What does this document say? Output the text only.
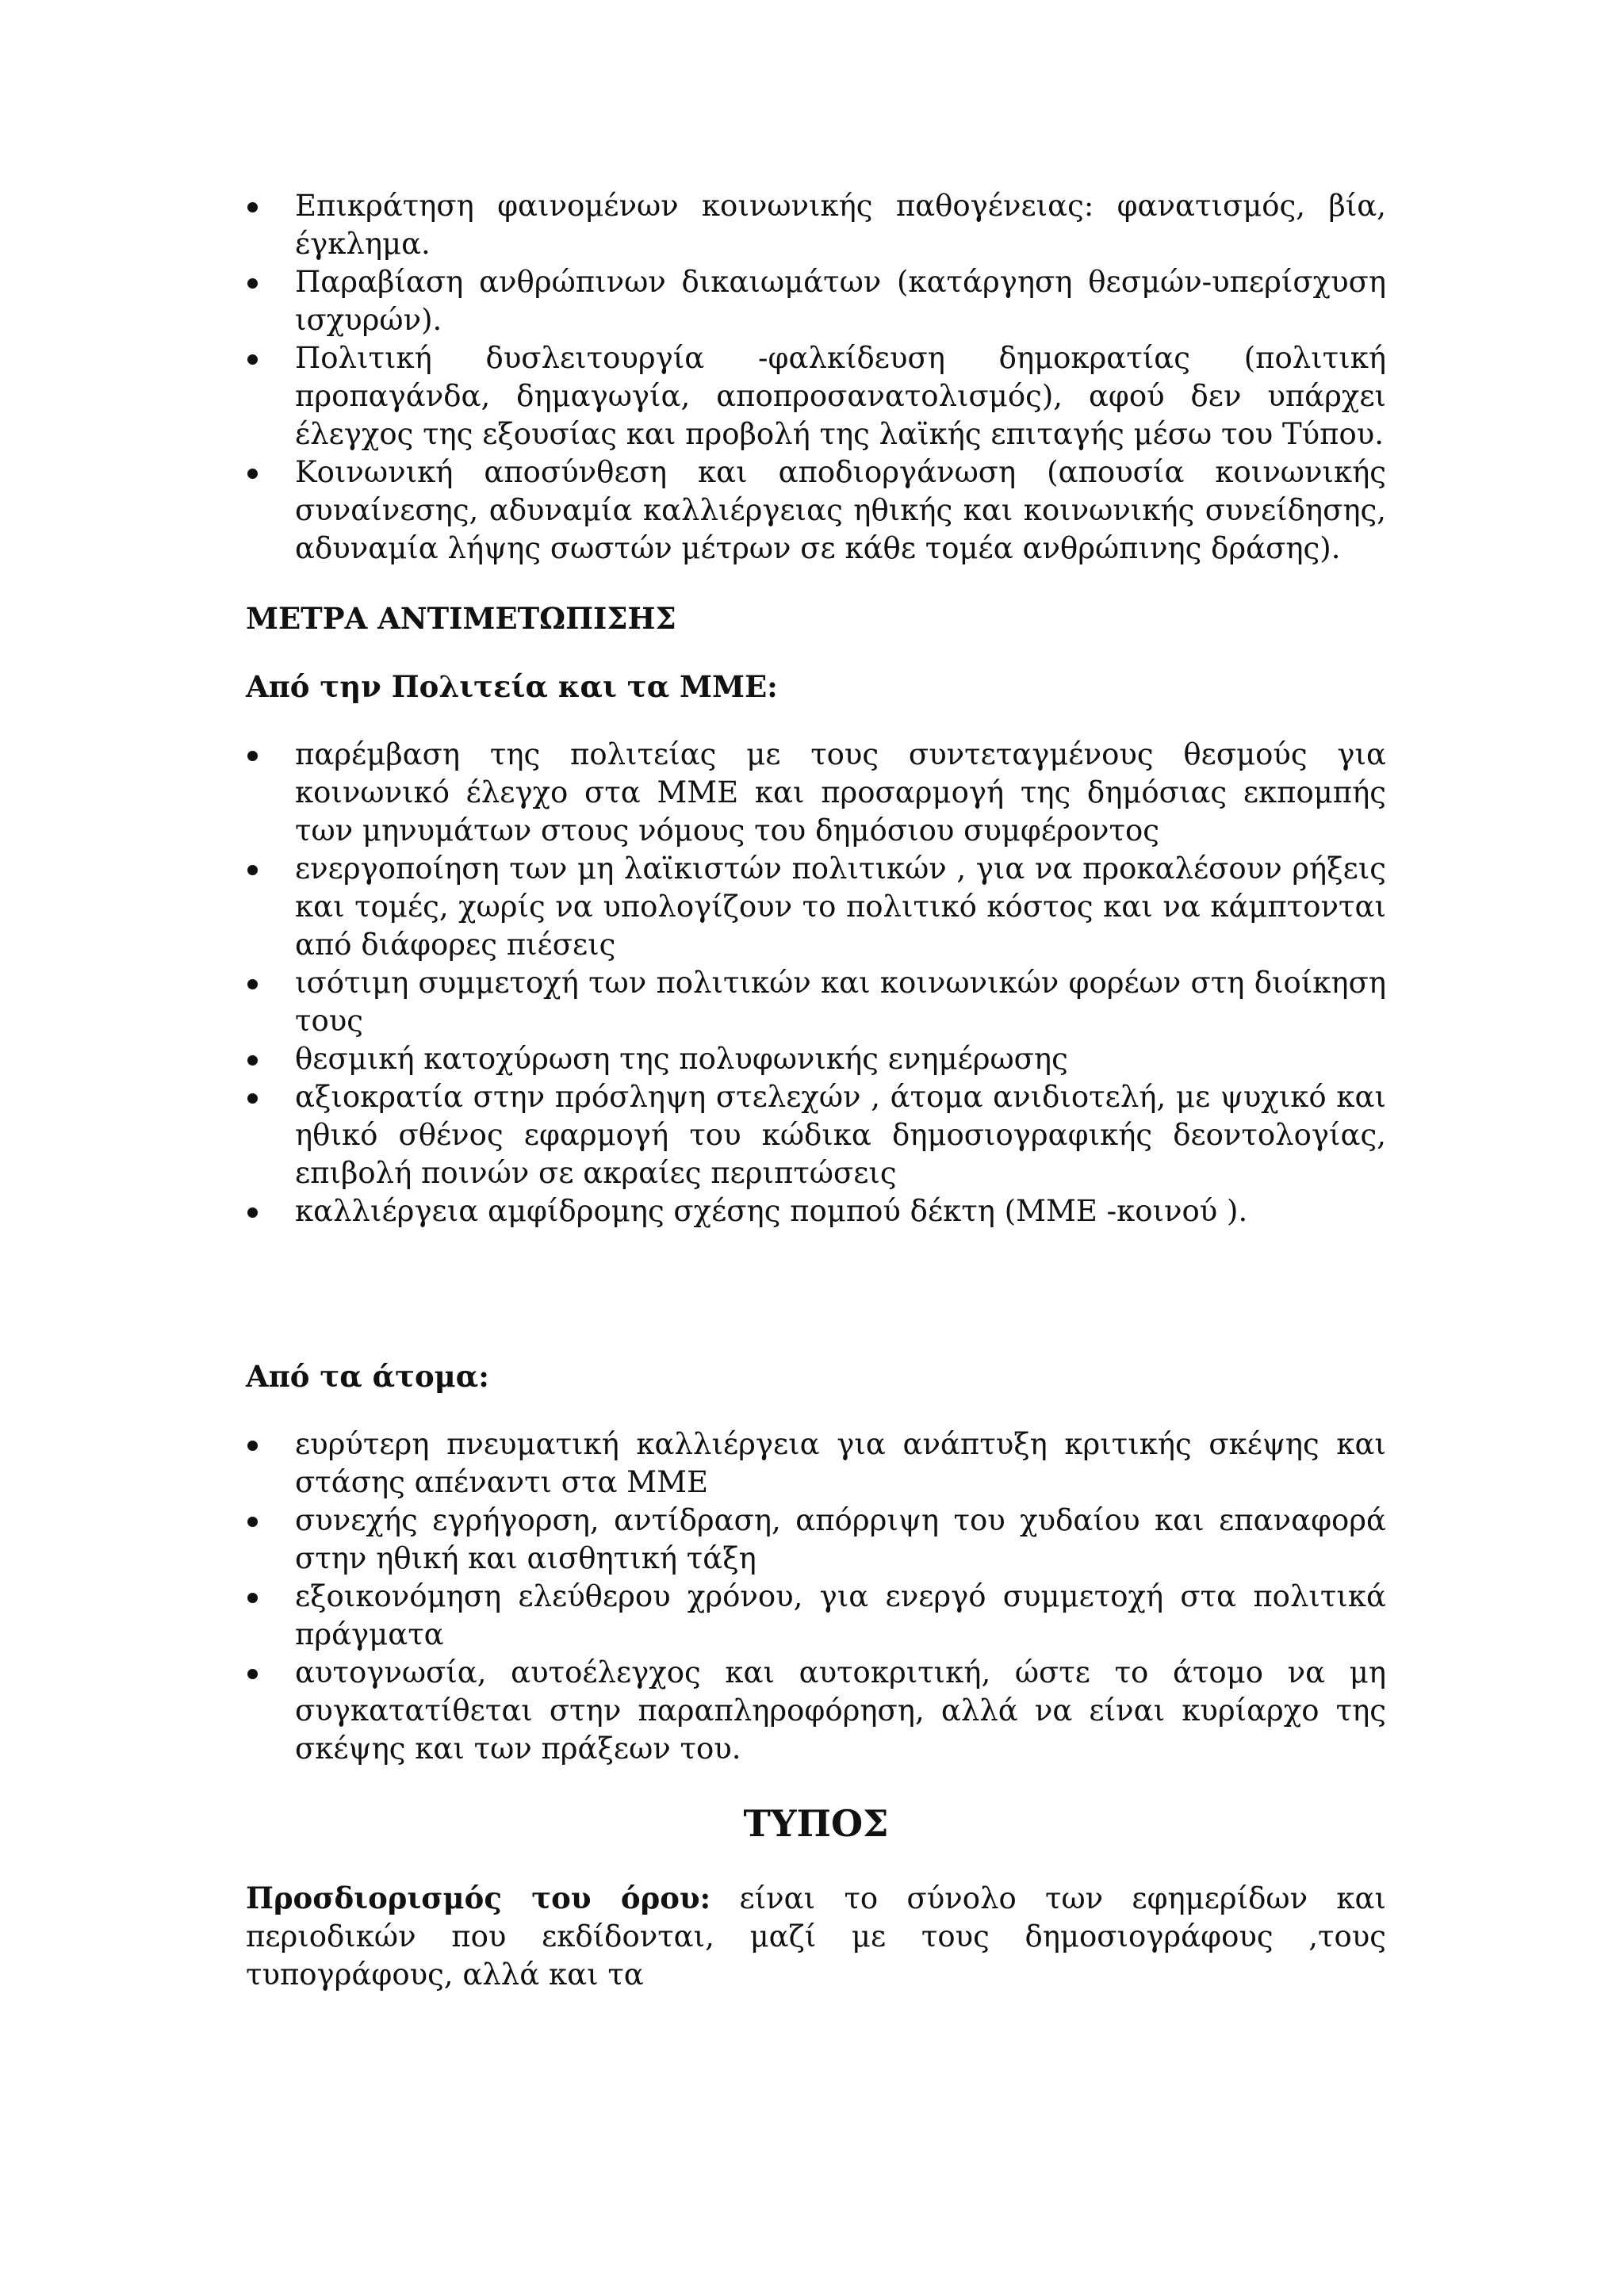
Επικράτηση φαινομένων κοινωνικής παθογένειας: φανατισμός, βία, έγκλημα.
Παραβίαση ανθρώπινων δικαιωμάτων (κατάργηση θεσμών-υπερίσχυση ισχυρών).
Πολιτική δυσλειτουργία -φαλκίδευση δημοκρατίας (πολιτική προπαγάνδα, δημαγωγία, αποπροσανατολισμός), αφού δεν υπάρχει έλεγχος της εξουσίας και προβολή της λαϊκής επιταγής μέσω του Τύπου.
Κοινωνική αποσύνθεση και αποδιοργάνωση (απουσία κοινωνικής συναίνεσης, αδυναμία καλλιέργειας ηθικής και κοινωνικής συνείδησης, αδυναμία λήψης σωστών μέτρων σε κάθε τομέα ανθρώπινης δράσης).

ΜΕΤΡΑ ΑΝΤΙΜΕΤΩΠΙΣΗΣ

Από την Πολιτεία και τα ΜΜΕ:

παρέμβαση της πολιτείας με τους συντεταγμένους θεσμούς για κοινωνικό έλεγχο στα ΜΜΕ και προσαρμογή της δημόσιας εκπομπής των μηνυμάτων στους νόμους του δημόσιου συμφέροντος
ενεργοποίηση των μη λαϊκιστών πολιτικών , για να προκαλέσουν ρήξεις και τομές, χωρίς να υπολογίζουν το πολιτικό κόστος και να κάμπτονται από διάφορες πιέσεις
ισότιμη συμμετοχή των πολιτικών και κοινωνικών φορέων στη διοίκηση τους
θεσμική κατοχύρωση της πολυφωνικής ενημέρωσης
αξιοκρατία στην πρόσληψη στελεχών , άτομα ανιδιοτελή, με ψυχικό και ηθικό σθένος εφαρμογή του κώδικα δημοσιογραφικής δεοντολογίας, επιβολή ποινών σε ακραίες περιπτώσεις
καλλιέργεια αμφίδρομης σχέσης πομπού δέκτη (ΜΜΕ -κοινού ).

Από τα άτομα:

ευρύτερη πνευματική καλλιέργεια για ανάπτυξη κριτικής σκέψης και στάσης απέναντι στα ΜΜΕ
συνεχής εγρήγορση, αντίδραση, απόρριψη του χυδαίου και επαναφορά στην ηθική και αισθητική τάξη
εξοικονόμηση ελεύθερου χρόνου, για ενεργό συμμετοχή στα πολιτικά πράγματα
αυτογνωσία, αυτοέλεγχος και αυτοκριτική, ώστε το άτομο να μη συγκατατίθεται στην παραπληροφόρηση, αλλά να είναι κυρίαρχο της σκέψης και των πράξεων του.

ΤΥΠΟΣ

Προσδιορισμός του όρου: είναι το σύνολο των εφημερίδων και περιοδικών που εκδίδονται, μαζί με τους δημοσιογράφους ,τους τυπογράφους, αλλά και τα
